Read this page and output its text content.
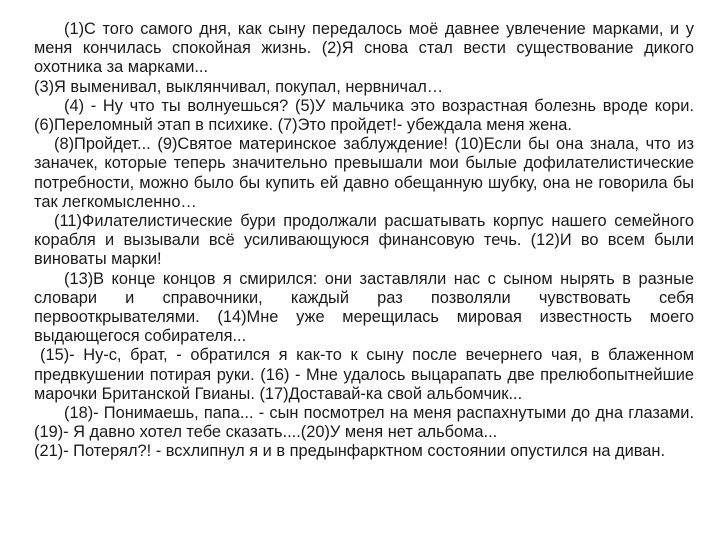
(1)С того самого дня, как сыну передалось моё давнее увлечение марками, и у меня кончилась спокойная жизнь. (2)Я снова стал вести существование дикого охотника за марками...

(3)Я выменивал, выклянчивал, покупал, нервничал…

(4) - Ну что ты волнуешься? (5)У мальчика это возрастная болезнь вроде кори. (6)Переломный этап в психике. (7)Это пройдет!- убеждала меня жена.

(8)Пройдет... (9)Святое материнское заблуждение! (10)Если бы она знала, что из заначек, которые теперь значительно превышали мои былые дофилателистические потребности, можно было бы купить ей давно обещанную шубку, она не говорила бы так легкомысленно…

(11)Филателистические бури продолжали расшатывать корпус нашего семейного корабля и вызывали всё усиливающуюся финансовую течь. (12)И во всем были виноваты марки!

(13)В конце концов я смирился: они заставляли нас с сыном нырять в разные словари и справочники, каждый раз позволяли чувствовать себя первооткрывателями. (14)Мне уже мерещилась мировая известность моего выдающегося собирателя...

(15)- Ну-с, брат, - обратился я как-то к сыну после вечернего чая, в блаженном предвкушении потирая руки. (16) - Мне удалось выцарапать две прелюбопытнейшие марочки Британской Гвианы. (17)Доставай-ка свой альбомчик...

(18)- Понимаешь, папа... - сын посмотрел на меня распахнутыми до дна глазами. (19)- Я давно хотел тебе сказать....(20)У меня нет альбома...

(21)- Потерял?! - всхлипнул я и в предынфарктном состоянии опустился на диван.
